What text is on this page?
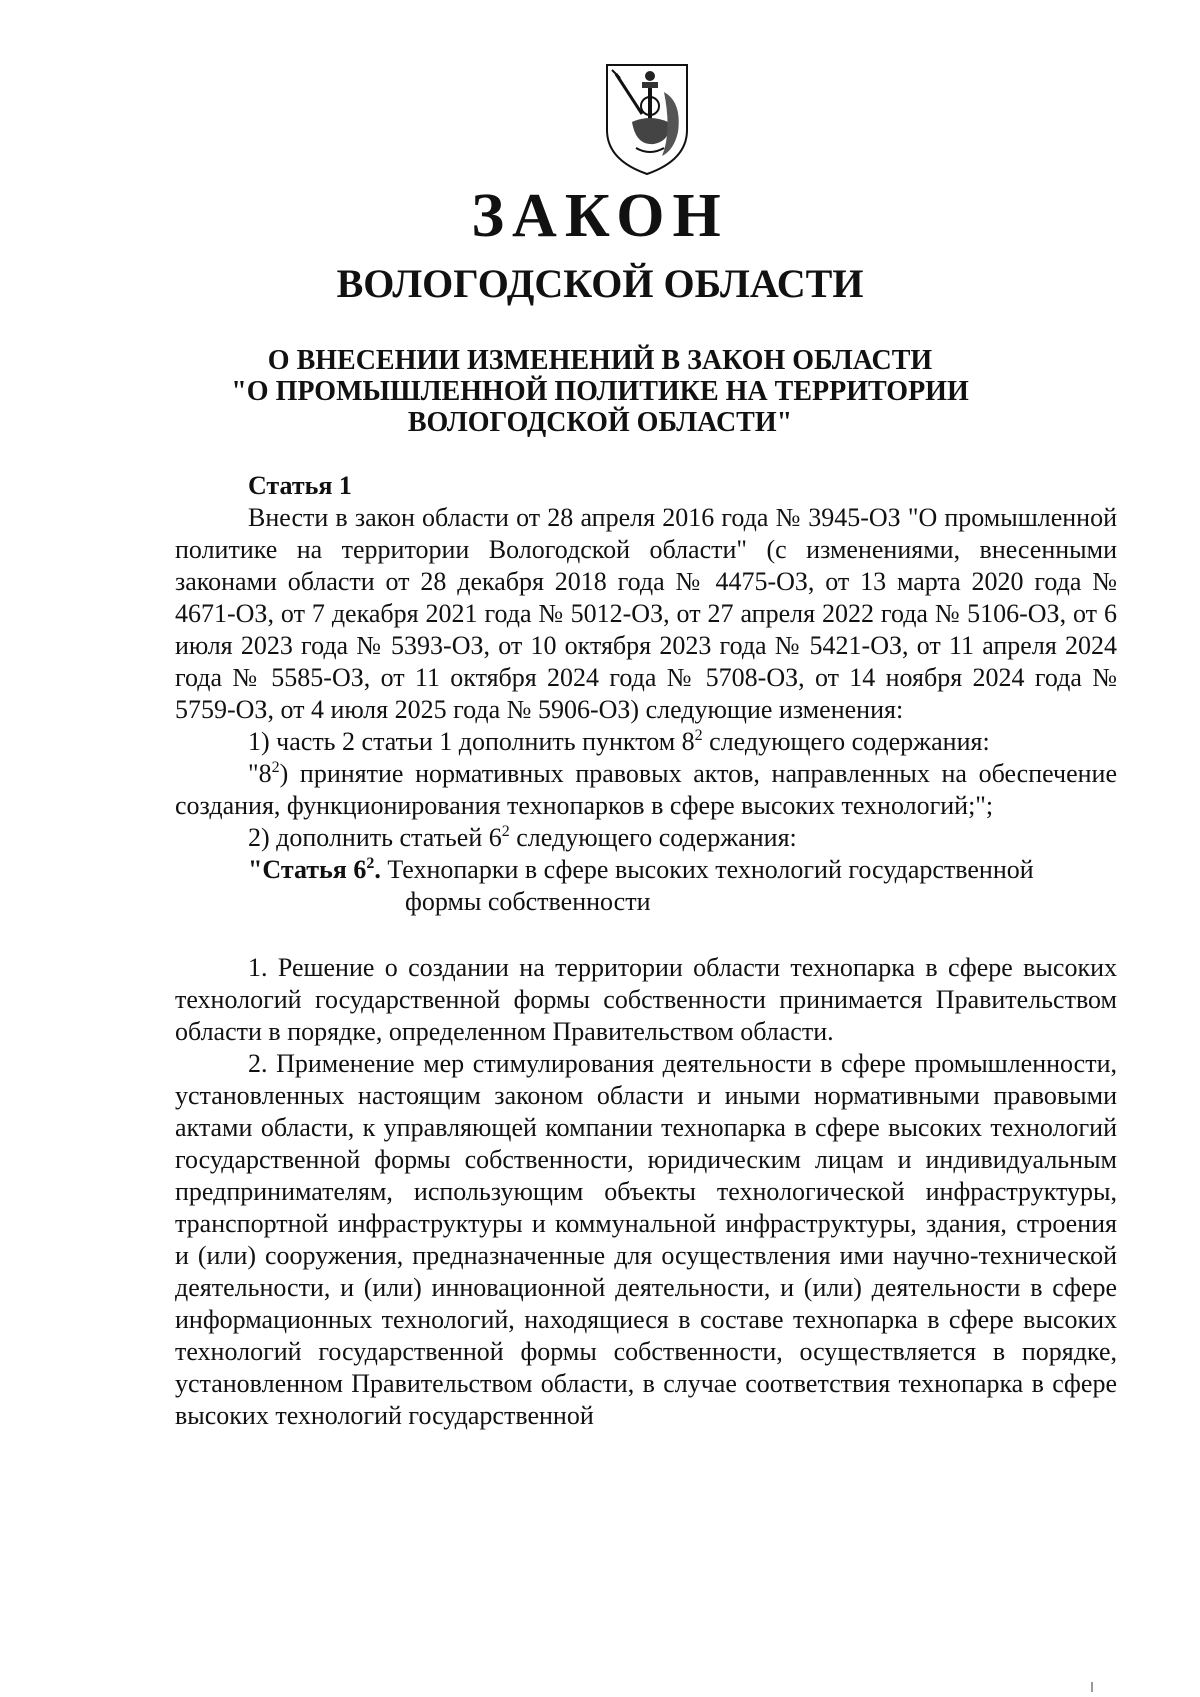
ЗАКОН
ВОЛОГОДСКОЙ ОБЛАСТИ
О ВНЕСЕНИИ ИЗМЕНЕНИЙ В ЗАКОН ОБЛАСТИ
"О ПРОМЫШЛЕННОЙ ПОЛИТИКЕ НА ТЕРРИТОРИИ
ВОЛОГОДСКОЙ ОБЛАСТИ"

Статья 1

Внести в закон области от 28 апреля 2016 года № 3945-ОЗ "О промышленной политике на территории Вологодской области" (с изменениями, внесенными законами области от 28 декабря 2018 года № 4475-ОЗ, от 13 марта 2020 года № 4671-ОЗ, от 7 декабря 2021 года № 5012-ОЗ, от 27 апреля 2022 года № 5106-ОЗ, от 6 июля 2023 года № 5393-ОЗ, от 10 октября 2023 года № 5421-ОЗ, от 11 апреля 2024 года № 5585-ОЗ, от 11 октября 2024 года № 5708-ОЗ, от 14 ноября 2024 года № 5759-ОЗ, от 4 июля 2025 года № 5906-ОЗ) следующие изменения:

1) часть 2 статьи 1 дополнить пунктом $8^2$ следующего содержания:

"$8^2$) принятие нормативных правовых актов, направленных на обеспечение создания, функционирования технопарков в сфере высоких технологий;";

2) дополнить статьей $6^2$ следующего содержания:

"Статья $6^2$. Технопарки в сфере высоких технологий государственной
формы собственности

1. Решение о создании на территории области технопарка в сфере высоких технологий государственной формы собственности принимается Правительством области в порядке, определенном Правительством области.

2. Применение мер стимулирования деятельности в сфере промышленности, установленных настоящим законом области и иными нормативными правовыми актами области, к управляющей компании технопарка в сфере высоких технологий государственной формы собственности, юридическим лицам и индивидуальным предпринимателям, использующим объекты технологической инфраструктуры, транспортной инфраструктуры и коммунальной инфраструктуры, здания, строения и (или) сооружения, предназначенные для осуществления ими научно-технической деятельности, и (или) инновационной деятельности, и (или) деятельности в сфере информационных технологий, находящиеся в составе технопарка в сфере высоких технологий государственной формы собственности, осуществляется в порядке, установленном Правительством области, в случае соответствия технопарка в сфере высоких технологий государственной
